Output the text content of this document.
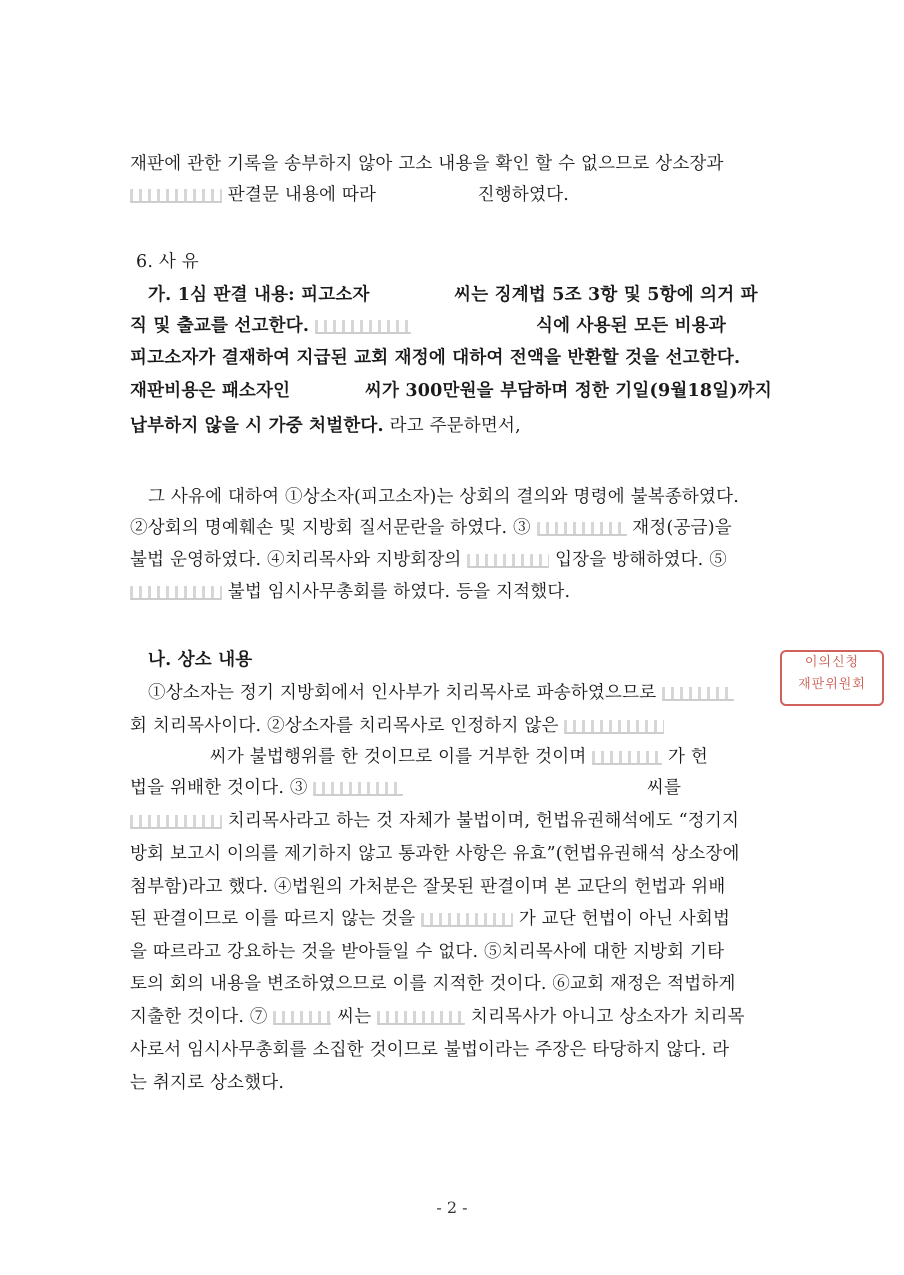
재판에 관한 기록을 송부하지 않아 고소 내용을 확인 할 수 없으므로 상소장과
판결문 내용에 따라	진행하였다.
6. 사 유
가. 1심 판결 내용: 피고소자	씨는 징계법 5조 3항 및 5항에 의거 파
직 및 출교를 선고한다.	식에 사용된 모든 비용과
피고소자가 결재하여 지급된 교회 재정에 대하여 전액을 반환할 것을 선고한다.
재판비용은 패소자인	씨가 300만원을 부담하며 정한 기일(9월18일)까지
납부하지 않을 시 가중 처벌한다. 라고 주문하면서,
그 사유에 대하여 ①상소자(피고소자)는 상회의 결의와 명령에 불복종하였다.
②상회의 명예훼손 및 지방회 질서문란을 하였다. ③	재정(공금)을
불법 운영하였다. ④치리목사와 지방회장의	입장을 방해하였다. ⑤
불법 임시사무총회를 하였다. 등을 지적했다.
나. 상소 내용
①상소자는 정기 지방회에서 인사부가 치리목사로 파송하였으므로
회 치리목사이다. ②상소자를 치리목사로 인정하지 않은
씨가 불법행위를 한 것이므로 이를 거부한 것이며	가 헌
법을 위배한 것이다. ③	씨를
치리목사라고 하는 것 자체가 불법이며, 헌법유권해석에도 “정기지
방회 보고시 이의를 제기하지 않고 통과한 사항은 유효”(헌법유권해석 상소장에
첨부함)라고 했다. ④법원의 가처분은 잘못된 판결이며 본 교단의 헌법과 위배
된 판결이므로 이를 따르지 않는 것을	가 교단 헌법이 아닌 사회법
을 따르라고 강요하는 것을 받아들일 수 없다. ⑤치리목사에 대한 지방회 기타
토의 회의 내용을 변조하였으므로 이를 지적한 것이다. ⑥교회 재정은 적법하게
지출한 것이다. ⑦	씨는	치리목사가 아니고 상소자가 치리목
사로서 임시사무총회를 소집한 것이므로 불법이라는 주장은 타당하지 않다. 라
는 취지로 상소했다.
이의신청
재판위원회
- 2 -
